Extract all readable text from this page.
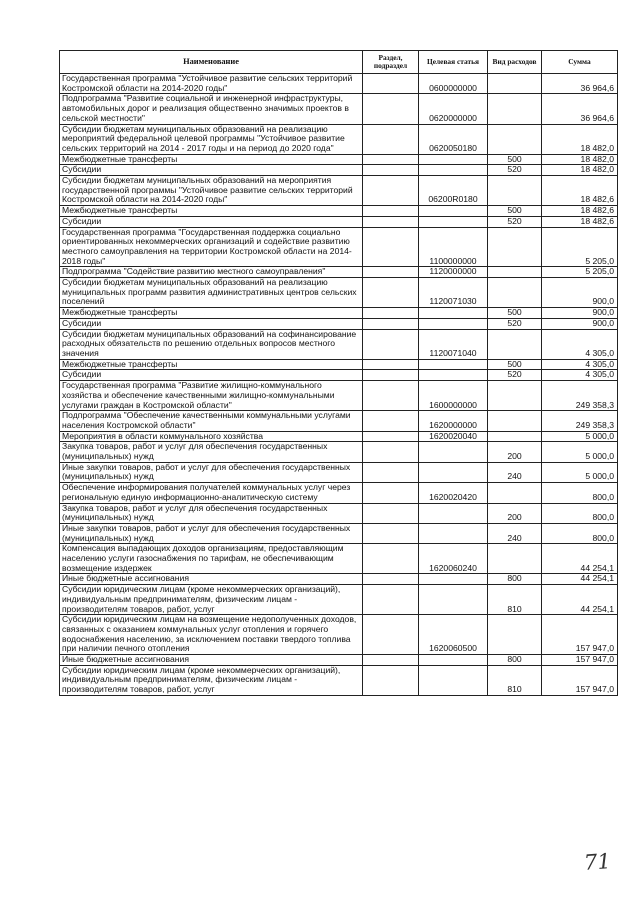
Наименование	Раздел, подраздел	Целевая статья	Вид расходов	Сумма
Государственная программа "Устойчивое развитие сельских территорий Костромской области на 2014-2020 годы"		0600000000		36 964,6
Подпрограмма "Развитие социальной и инженерной инфраструктуры, автомобильных дорог и реализация общественно значимых проектов в сельской местности"		0620000000		36 964,6
Субсидии бюджетам муниципальных образований на реализацию мероприятий федеральной целевой программы "Устойчивое развитие сельских территорий на 2014 - 2017 годы и на период до 2020 года"		0620050180		18 482,0
Межбюджетные трансферты			500	18 482,0
Субсидии			520	18 482,0
Субсидии бюджетам муниципальных образований на мероприятия государственной программы "Устойчивое развитие сельских территорий Костромской области на 2014-2020 годы"		06200R0180		18 482,6
Межбюджетные трансферты			500	18 482,6
Субсидии			520	18 482,6
Государственная программа "Государственная поддержка социально ориентированных некоммерческих организаций и содействие развитию местного самоуправления на территории Костромской области на 2014-2018 годы"		1100000000		5 205,0
Подпрограмма "Содействие развитию местного самоуправления"		1120000000		5 205,0
Субсидии бюджетам муниципальных образований на реализацию муниципальных программ развития административных центров сельских поселений		1120071030		900,0
Межбюджетные трансферты			500	900,0
Субсидии			520	900,0
Субсидии бюджетам муниципальных образований на софинансирование расходных обязательств по решению отдельных вопросов местного значения		1120071040		4 305,0
Межбюджетные трансферты			500	4 305,0
Субсидии			520	4 305,0
Государственная программа "Развитие жилищно-коммунального хозяйства и обеспечение качественными жилищно-коммунальными услугами граждан в Костромской области"		1600000000		249 358,3
Подпрограмма "Обеспечение качественными коммунальными услугами населения Костромской области"		1620000000		249 358,3
Мероприятия в области коммунального хозяйства		1620020040		5 000,0
Закупка товаров, работ и услуг для обеспечения государственных (муниципальных) нужд			200	5 000,0
Иные закупки товаров, работ и услуг для обеспечения государственных (муниципальных) нужд			240	5 000,0
Обеспечение информирования получателей коммунальных услуг через региональную единую информационно-аналитическую систему		1620020420		800,0
Закупка товаров, работ и услуг для обеспечения государственных (муниципальных) нужд			200	800,0
Иные закупки товаров, работ и услуг для обеспечения государственных (муниципальных) нужд			240	800,0
Компенсация выпадающих доходов организациям, предоставляющим населению услуги газоснабжения по тарифам, не обеспечивающим возмещение издержек		1620060240		44 254,1
Иные бюджетные ассигнования			800	44 254,1
Субсидии юридическим лицам (кроме некоммерческих организаций), индивидуальным предпринимателям, физическим лицам - производителям товаров, работ, услуг			810	44 254,1
Субсидии юридическим лицам на возмещение недополученных доходов, связанных с оказанием коммунальных услуг отопления и горячего водоснабжения населению, за исключением поставки твердого топлива при наличии печного отопления		1620060500		157 947,0
Иные бюджетные ассигнования			800	157 947,0
Субсидии юридическим лицам (кроме некоммерческих организаций), индивидуальным предпринимателям, физическим лицам - производителям товаров, работ, услуг			810	157 947,0
71
